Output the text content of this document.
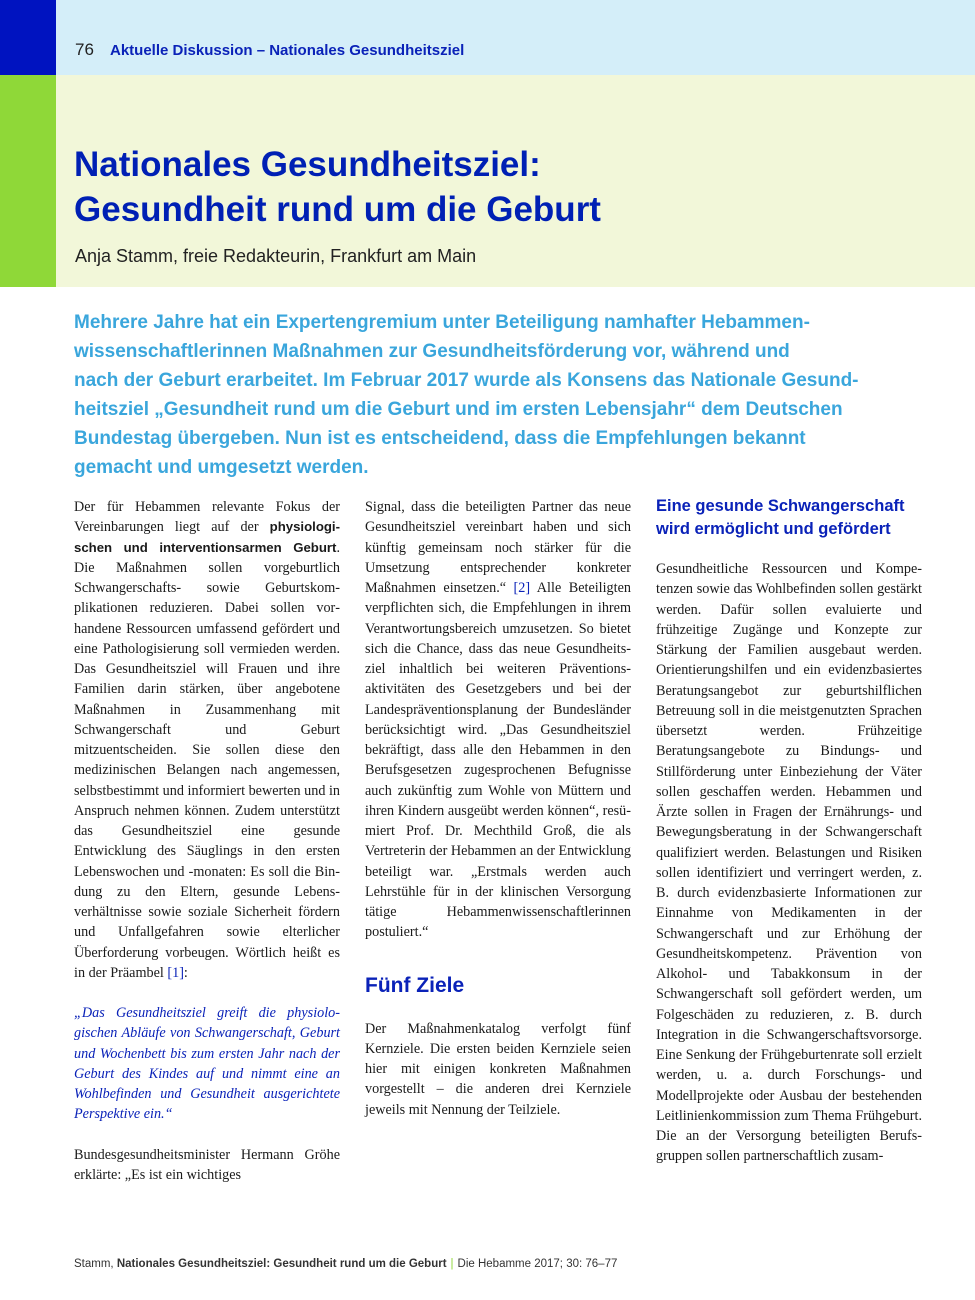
76 Aktuelle Diskussion – Nationales Gesundheitsziel
Nationales Gesundheitsziel:
Gesundheit rund um die Geburt
Anja Stamm, freie Redakteurin, Frankfurt am Main
Mehrere Jahre hat ein Expertengremium unter Beteiligung namhafter Hebammen-
wissenschaftlerinnen Maßnahmen zur Gesundheitsförderung vor, während und
nach der Geburt erarbeitet. Im Februar 2017 wurde als Konsens das Nationale Gesund-
heitsziel „Gesundheit rund um die Geburt und im ersten Lebensjahr“ dem Deutschen
Bundestag übergeben. Nun ist es entscheidend, dass die Empfehlungen bekannt
gemacht und umgesetzt werden.

Der für Hebammen relevante Fokus der Vereinbarungen liegt auf der physiologischen und interventionsarmen Geburt. Die Maßnahmen sollen vorgeburtlich Schwangerschafts- sowie Geburtskomplikationen reduzieren. Dabei sollen vorhandene Ressourcen umfassend gefördert und eine Pathologisierung soll vermieden werden. Das Gesundheitsziel will Frauen und ihre Familien darin stärken, über angebotene Maßnahmen in Zusammenhang mit Schwangerschaft und Geburt mitzuentscheiden. Sie sollen diese den medizinischen Belangen nach angemessen, selbstbestimmt und informiert bewerten und in Anspruch nehmen können. Zudem unterstützt das Gesundheitsziel eine gesunde Entwicklung des Säuglings in den ersten Lebenswochen und -monaten: Es soll die Bindung zu den Eltern, gesunde Lebensverhältnisse sowie soziale Sicherheit fördern und Unfallgefahren sowie elterlicher Überforderung vorbeugen. Wörtlich heißt es in der Präambel [1]:

„Das Gesundheitsziel greift die physiologischen Abläufe von Schwangerschaft, Geburt und Wochenbett bis zum ersten Jahr nach der Geburt des Kindes auf und nimmt eine an Wohlbefinden und Gesundheit ausgerichtete Perspektive ein.“

Bundesgesundheitsminister Hermann Gröhe erklärte: „Es ist ein wichtiges

Signal, dass die beteiligten Partner das neue Gesundheitsziel vereinbart haben und sich künftig gemeinsam noch stärker für die Umsetzung entsprechender konkreter Maßnahmen einsetzen.“ [2] Alle Beteiligten verpflichten sich, die Empfehlungen in ihrem Verantwortungsbereich umzusetzen. So bietet sich die Chance, dass das neue Gesundheitsziel inhaltlich bei weiteren Präventionsaktivitäten des Gesetzgebers und bei der Landespräventionsplanung der Bundesländer berücksichtigt wird. „Das Gesundheitsziel bekräftigt, dass alle den Hebammen in den Berufsgesetzen zugesprochenen Befugnisse auch zukünftig zum Wohle von Müttern und ihren Kindern ausgeübt werden können“, resümiert Prof. Dr. Mechthild Groß, die als Vertreterin der Hebammen an der Entwicklung beteiligt war. „Erstmals werden auch Lehrstühle für in der klinischen Versorgung tätige Hebammenwissenschaftlerinnen postuliert.“

Fünf Ziele

Der Maßnahmenkatalog verfolgt fünf Kernziele. Die ersten beiden Kernziele seien hier mit einigen konkreten Maßnahmen vorgestellt – die anderen drei Kernziele jeweils mit Nennung der Teilziele.

Eine gesunde Schwangerschaft wird ermöglicht und gefördert

Gesundheitliche Ressourcen und Kompetenzen sowie das Wohlbefinden sollen gestärkt werden. Dafür sollen evaluierte und frühzeitige Zugänge und Konzepte zur Stärkung der Familien ausgebaut werden. Orientierungshilfen und ein evidenzbasiertes Beratungsangebot zur geburtshilflichen Betreuung soll in die meistgenutzten Sprachen übersetzt werden. Frühzeitige Beratungsangebote zu Bindungs- und Stillförderung unter Einbeziehung der Väter sollen geschaffen werden. Hebammen und Ärzte sollen in Fragen der Ernährungs- und Bewegungsberatung in der Schwangerschaft qualifiziert werden. Belastungen und Risiken sollen identifiziert und verringert werden, z. B. durch evidenzbasierte Informationen zur Einnahme von Medikamenten in der Schwangerschaft und zur Erhöhung der Gesundheitskompetenz. Prävention von Alkohol- und Tabakkonsum in der Schwangerschaft soll gefördert werden, um Folgeschäden zu reduzieren, z. B. durch Integration in die Schwangerschaftsvorsorge. Eine Senkung der Frühgeburtenrate soll erzielt werden, u. a. durch Forschungs- und Modellprojekte oder Ausbau der bestehenden Leitlinienkommission zum Thema Frühgeburt. Die an der Versorgung beteiligten Berufsgruppen sollen partnerschaftlich zusam-

Stamm, Nationales Gesundheitsziel: Gesundheit rund um die Geburt | Die Hebamme 2017; 30: 76–77
